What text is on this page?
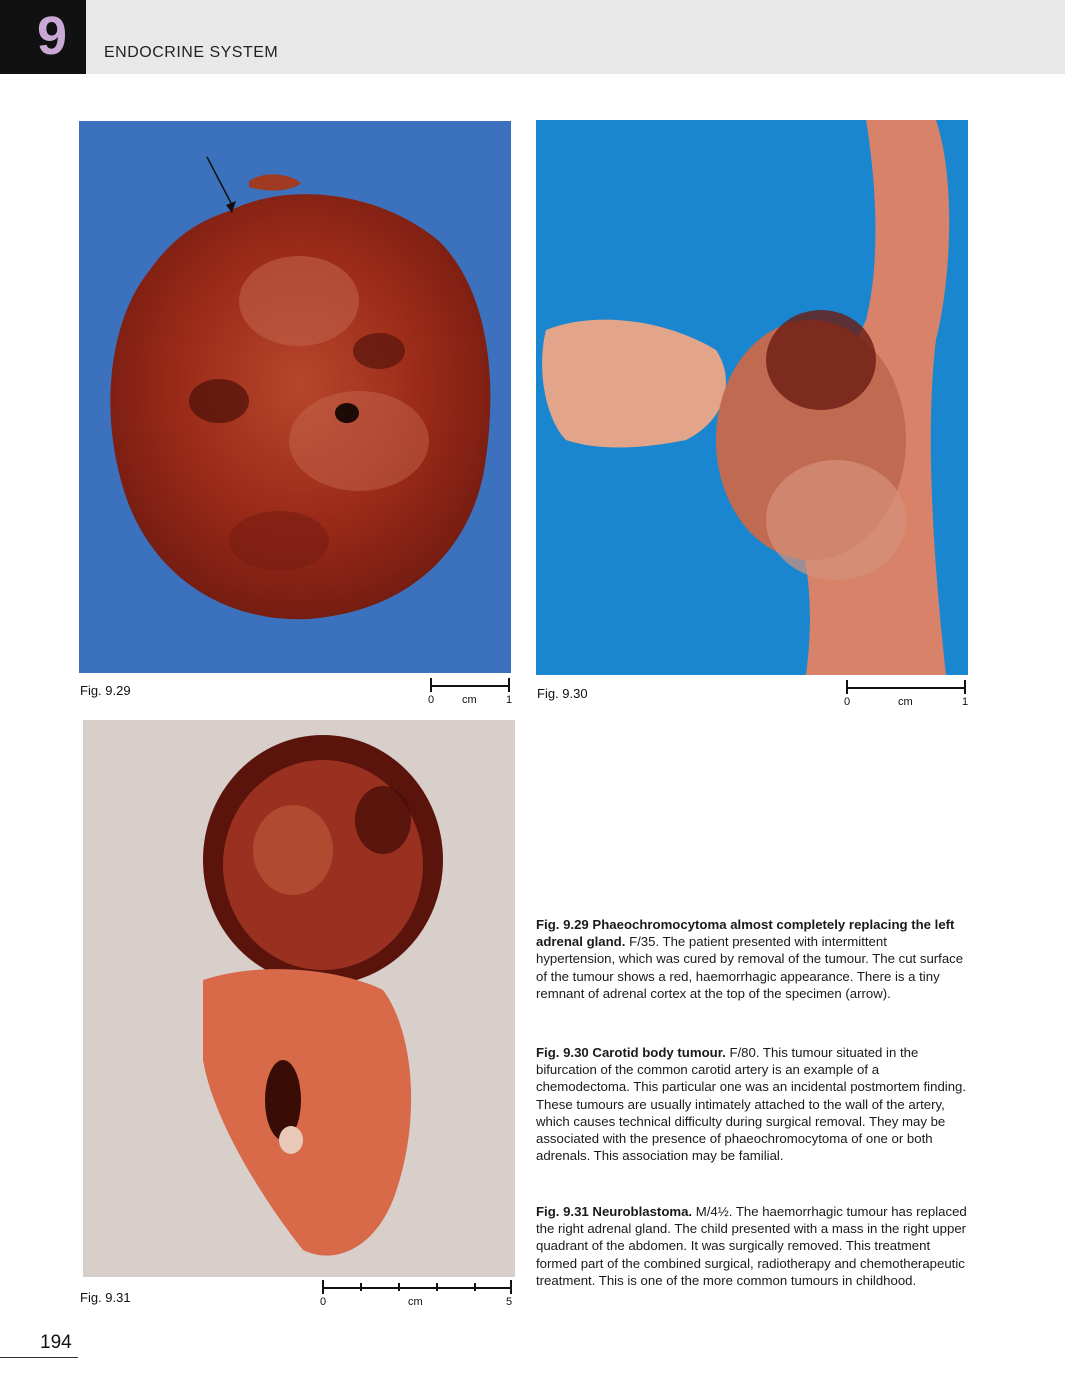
9	ENDOCRINE SYSTEM
Fig. 9.29
0	cm	1 Fig. 9.30
0	cm	1
Fig. 9.31	0	cm	5
Fig. 9.29 Phaeochromocytoma almost completely replacing the left adrenal gland. F/35. The patient presented with intermittent hypertension, which was cured by removal of the tumour. The cut surface of the tumour shows a red, haemorrhagic appearance. There is a tiny remnant of adrenal cortex at the top of the specimen (arrow).
Fig. 9.30 Carotid body tumour. F/80. This tumour situated in the bifurcation of the common carotid artery is an example of a chemodectoma. This particular one was an incidental postmortem finding. These tumours are usually intimately attached to the wall of the artery, which causes technical difficulty during surgical removal. They may be associated with the presence of phaeochromocytoma of one or both adrenals. This association may be familial.
Fig. 9.31 Neuroblastoma. M/4½. The haemorrhagic tumour has replaced the right adrenal gland. The child presented with a mass in the right upper quadrant of the abdomen. It was surgically removed. This treatment formed part of the combined surgical, radiotherapy and chemotherapeutic treatment. This is one of the more common tumours in childhood.
194
